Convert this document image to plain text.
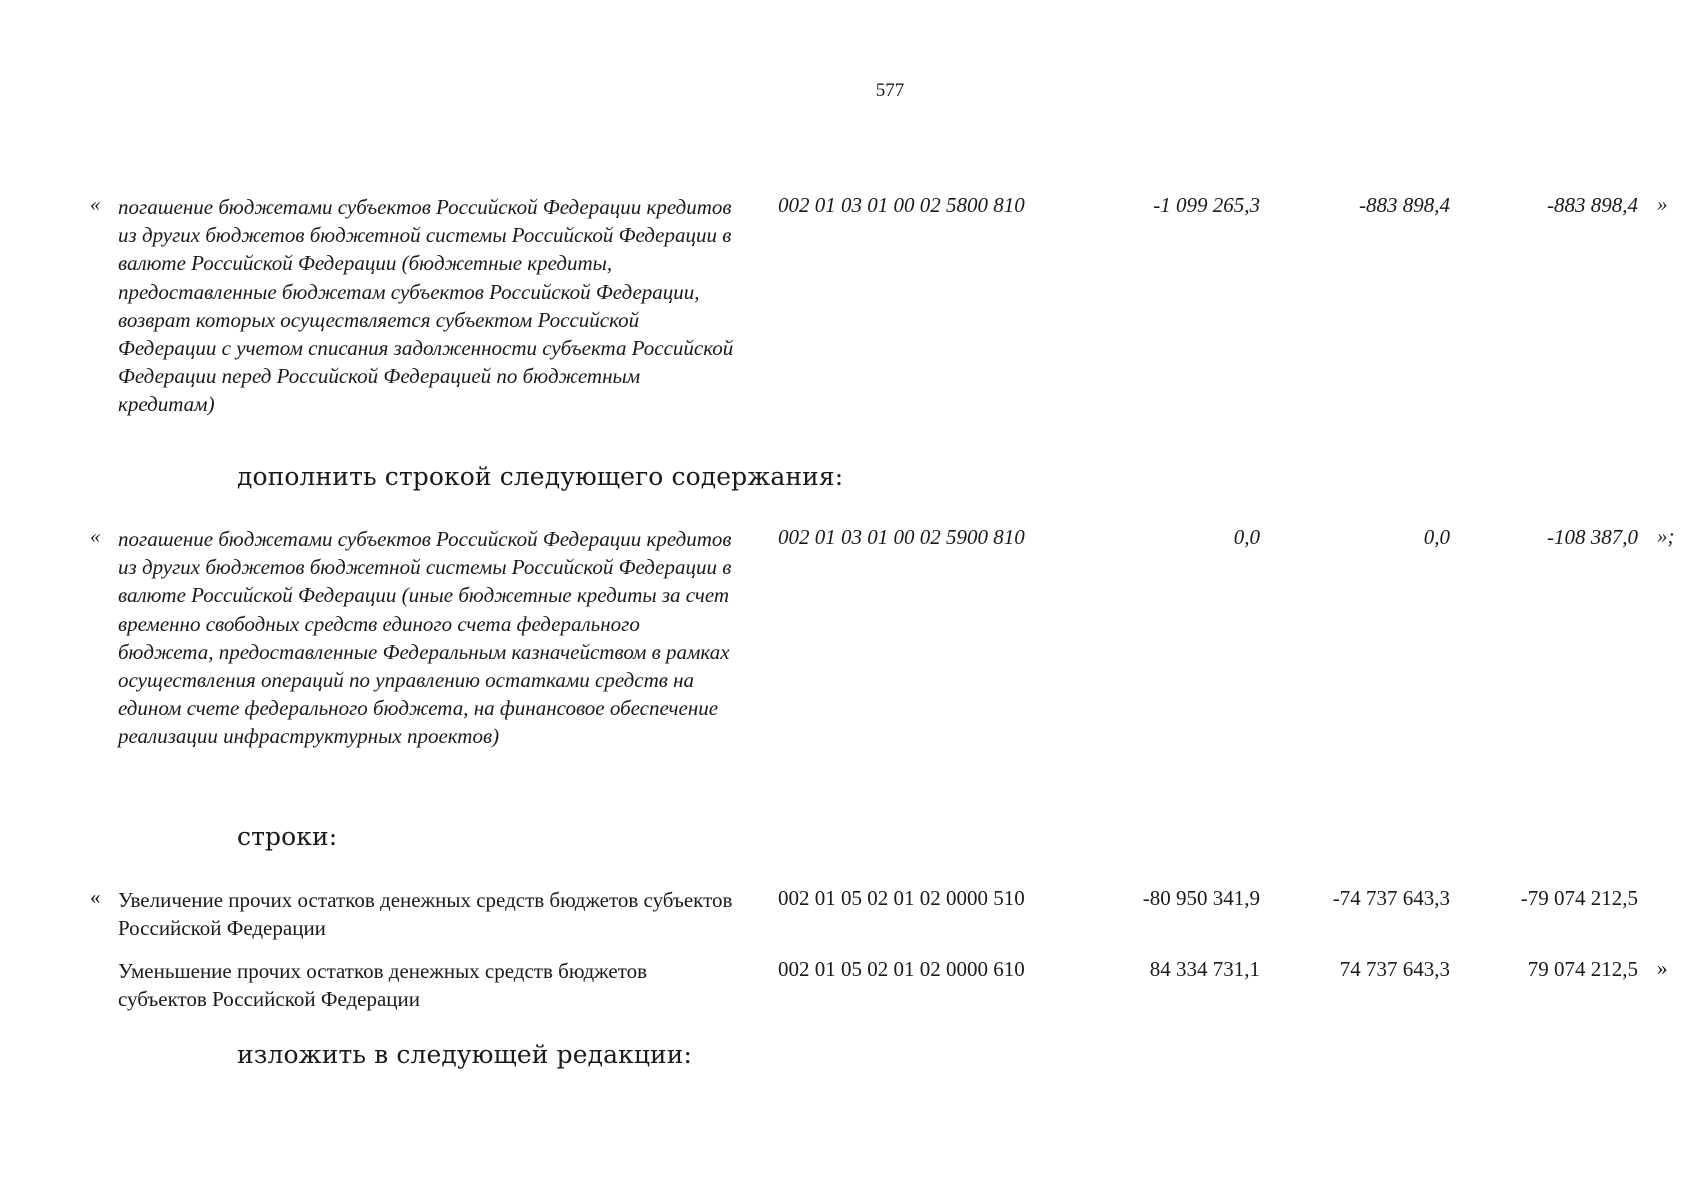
577
« погашение бюджетами субъектов Российской Федерации кредитов из других бюджетов бюджетной системы Российской Федерации в валюте Российской Федерации (бюджетные кредиты, предоставленные бюджетам субъектов Российской Федерации, возврат которых осуществляется субъектом Российской Федерации с учетом списания задолженности субъекта Российской Федерации перед Российской Федерацией по бюджетным кредитам)
002 01 03 01 00 02 5800 810	-1 099 265,3	-883 898,4	-883 898,4 »
дополнить строкой следующего содержания:
« погашение бюджетами субъектов Российской Федерации кредитов из других бюджетов бюджетной системы Российской Федерации в валюте Российской Федерации (иные бюджетные кредиты за счет временно свободных средств единого счета федерального бюджета, предоставленные Федеральным казначейством в рамках осуществления операций по управлению остатками средств на едином счете федерального бюджета, на финансовое обеспечение реализации инфраструктурных проектов)
002 01 03 01 00 02 5900 810	0,0	0,0	-108 387,0 »;
строки:
« Увеличение прочих остатков денежных средств бюджетов субъектов Российской Федерации
002 01 05 02 01 02 0000 510	-80 950 341,9	-74 737 643,3	-79 074 212,5
Уменьшение прочих остатков денежных средств бюджетов субъектов Российской Федерации
002 01 05 02 01 02 0000 610	84 334 731,1	74 737 643,3	79 074 212,5 »
изложить в следующей редакции:
